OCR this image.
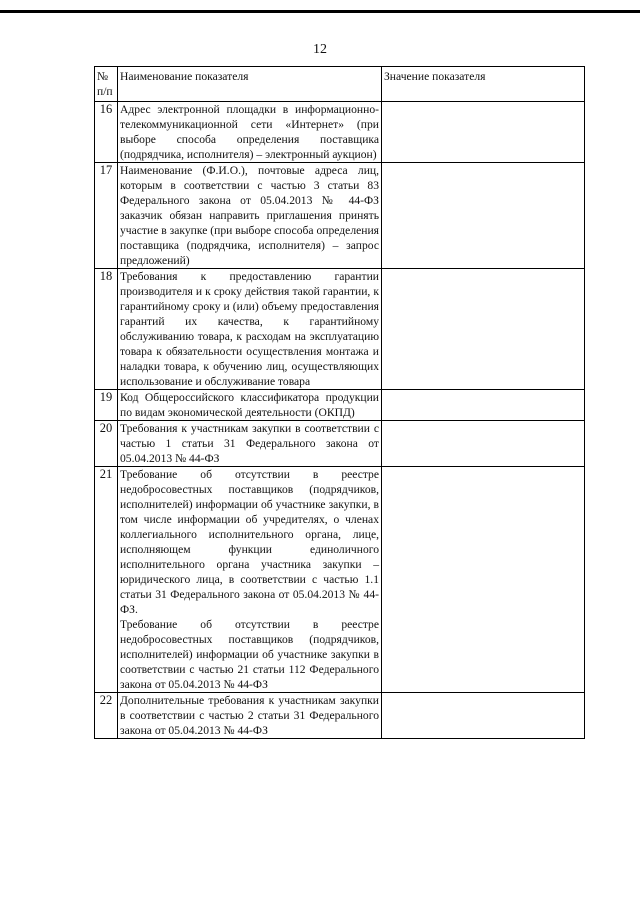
12
№ п/п	Наименование показателя	Значение показателя
16	Адрес электронной площадки в информационно-телекоммуникационной сети «Интернет» (при выборе способа определения поставщика (подрядчика, исполнителя) – электронный аукцион)	

17	Наименование (Ф.И.О.), почтовые адреса лиц, которым в соответствии с частью 3 статьи 83 Федерального закона от 05.04.2013 № 44-ФЗ заказчик обязан направить приглашения принять участие в закупке (при выборе способа определения поставщика (подрядчика, исполнителя) – запрос предложений)	

18	Требования к предоставлению гарантии производителя и к сроку действия такой гарантии, к гарантийному сроку и (или) объему предоставления гарантий их качества, к гарантийному обслуживанию товара, к расходам на эксплуатацию товара к обязательности осуществления монтажа и наладки товара, к обучению лиц, осуществляющих использование и обслуживание товара	

19	Код Общероссийского классификатора продукции по видам экономической деятельности (ОКПД)	

20	Требования к участникам закупки в соответствии с частью 1 статьи 31 Федерального закона от 05.04.2013 № 44-ФЗ	

21	Требование об отсутствии в реестре недобросовестных поставщиков (подрядчиков, исполнителей) информации об участнике закупки, в том числе информации об учредителях, о членах коллегиального исполнительного органа, лице, исполняющем функции единоличного исполнительного органа участника закупки – юридического лица, в соответствии с частью 1.1 статьи 31 Федерального закона от 05.04.2013 № 44-ФЗ.
Требование об отсутствии в реестре недобросовестных поставщиков (подрядчиков, исполнителей) информации об участнике закупки в соответствии с частью 21 статьи 112 Федерального закона от 05.04.2013 № 44-ФЗ	

22	Дополнительные требования к участникам закупки в соответствии с частью 2 статьи 31 Федерального закона от 05.04.2013 № 44-ФЗ	
